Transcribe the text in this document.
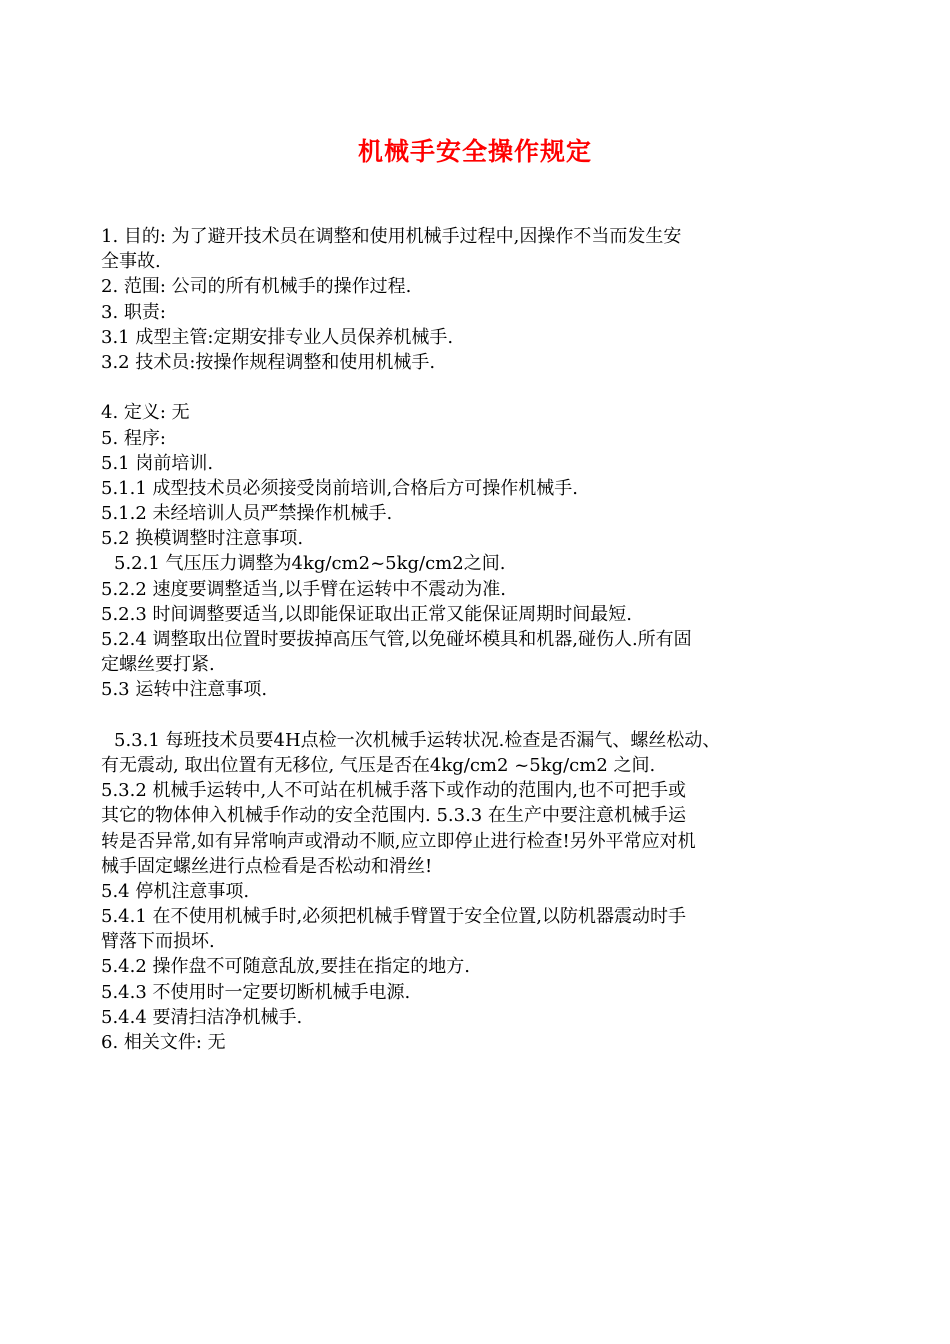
机械手安全操作规定
1. 目的: 为了避开技术员在调整和使用机械手过程中,因操作不当而发生安
全事故.
2. 范围: 公司的所有机械手的操作过程.
3. 职责:
3.1 成型主管:定期安排专业人员保养机械手.
3.2 技术员:按操作规程调整和使用机械手.
4. 定义: 无
5. 程序:
5.1 岗前培训.
5.1.1 成型技术员必须接受岗前培训,合格后方可操作机械手.
5.1.2 未经培训人员严禁操作机械手.
5.2 换模调整时注意事项.
5.2.1 气压压力调整为4kg/cm2~5kg/cm2之间.
5.2.2 速度要调整适当,以手臂在运转中不震动为准.
5.2.3 时间调整要适当,以即能保证取出正常又能保证周期时间最短.
5.2.4 调整取出位置时要拔掉高压气管,以免碰坏模具和机器,碰伤人.所有固
定螺丝要打紧.
5.3 运转中注意事项.
5.3.1 每班技术员要4H点检一次机械手运转状况.检查是否漏气、螺丝松动、
有无震动, 取出位置有无移位, 气压是否在4kg/cm2 ~5kg/cm2 之间.
5.3.2 机械手运转中,人不可站在机械手落下或作动的范围内,也不可把手或
其它的物体伸入机械手作动的安全范围内. 5.3.3 在生产中要注意机械手运
转是否异常,如有异常响声或滑动不顺,应立即停止进行检查!另外平常应对机
械手固定螺丝进行点检看是否松动和滑丝!
5.4 停机注意事项.
5.4.1 在不使用机械手时,必须把机械手臂置于安全位置,以防机器震动时手
臂落下而损坏.
5.4.2 操作盘不可随意乱放,要挂在指定的地方.
5.4.3 不使用时一定要切断机械手电源.
5.4.4 要清扫洁净机械手.
6. 相关文件: 无
